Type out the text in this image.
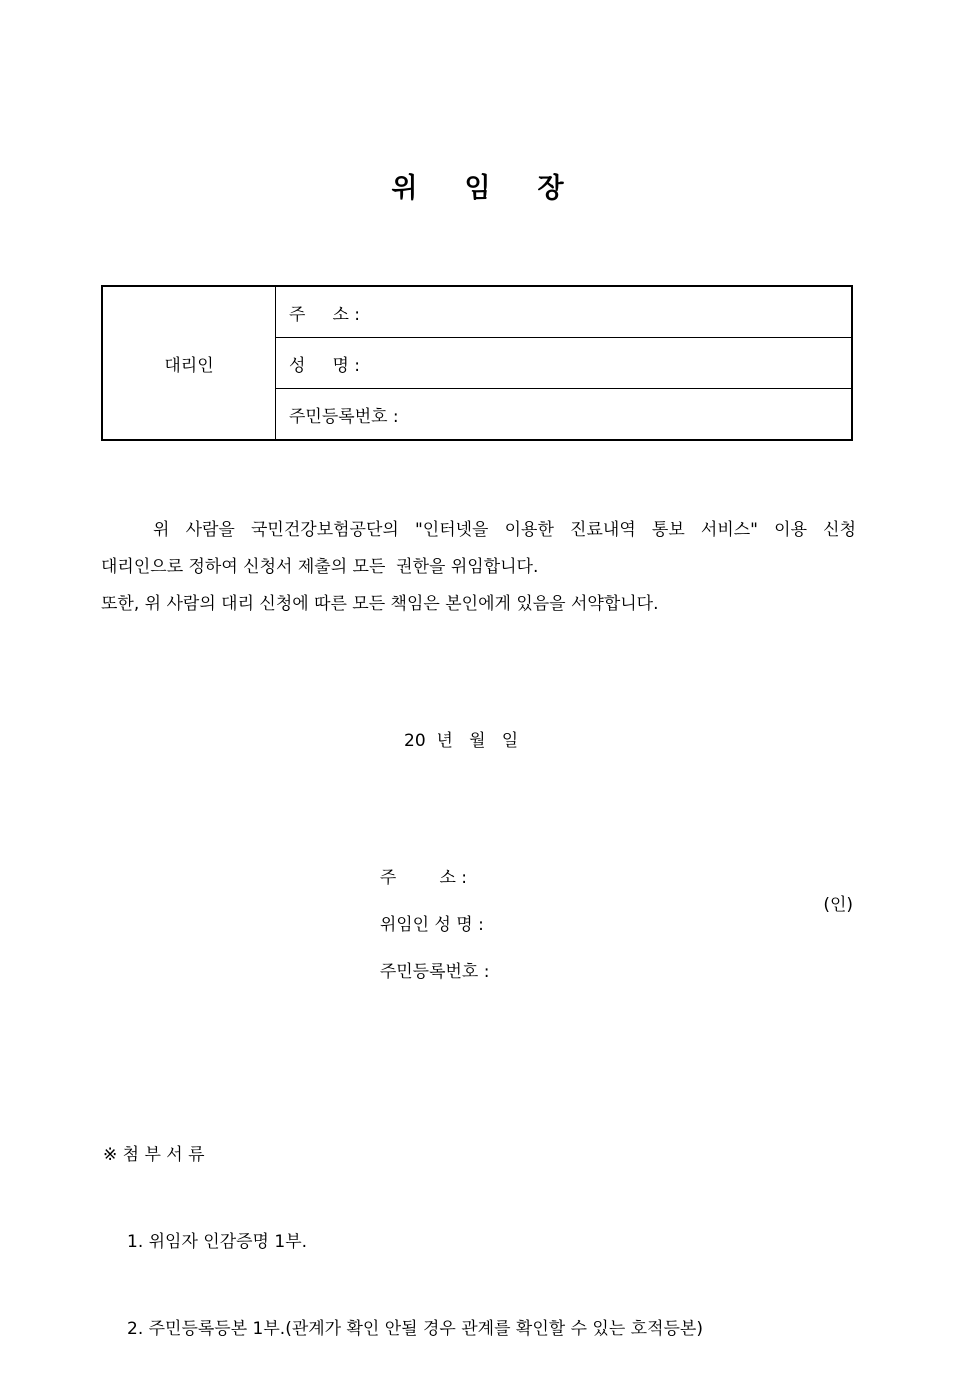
위     임     장
대리인	주     소 :
성     명 :
주민등록번호 :

위 사람을 국민건강보험공단의 "인터넷을 이용한 진료내역 통보 서비스" 이용 신청

대리인으로 정하여 신청서 제출의 모든  권한을 위임합니다.

또한, 위 사람의 대리 신청에 따른 모든 책임은 본인에게 있음을 서약합니다.

20  년   월   일

주        소 :

위임인 성 명 :

(인)

주민등록번호 :

※ 첨 부 서 류

1. 위임자 인감증명 1부.

2. 주민등록등본 1부.(관계가 확인 안될 경우 관계를 확인할 수 있는 호적등본)
